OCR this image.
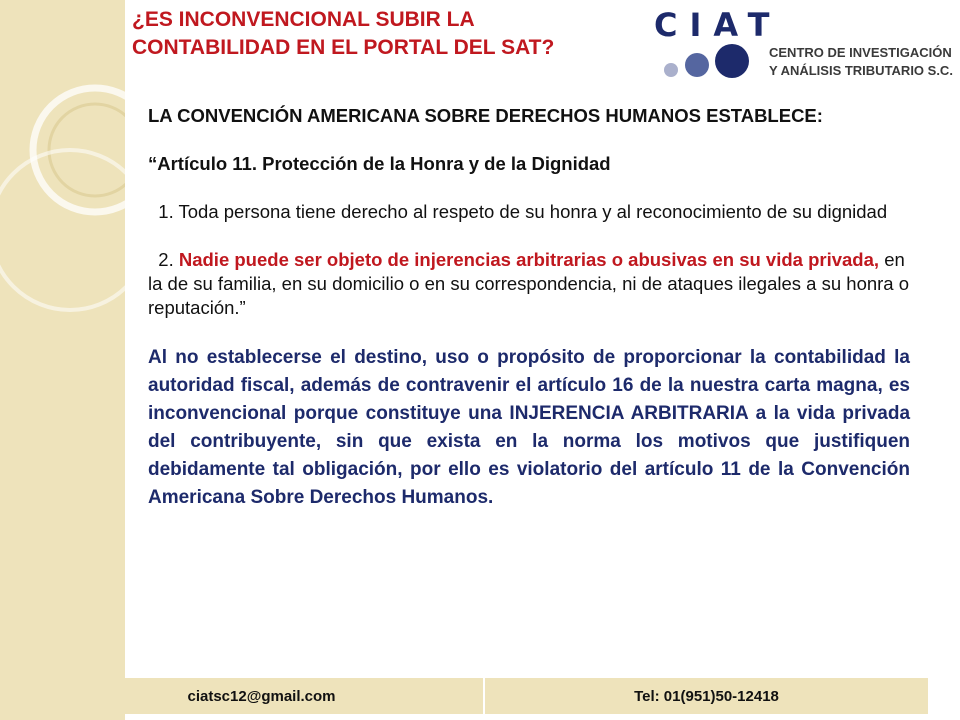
¿ES INCONVENCIONAL SUBIR LA CONTABILIDAD EN EL PORTAL DEL SAT?
CIAT
CENTRO DE INVESTIGACIÓN
Y ANÁLISIS TRIBUTARIO S.C.

LA CONVENCIÓN AMERICANA SOBRE DERECHOS HUMANOS ESTABLECE:

“Artículo 11. Protección de la Honra y de la Dignidad

1. Toda persona tiene derecho al respeto de su honra y al reconocimiento de su dignidad

2. Nadie puede ser objeto de injerencias arbitrarias o abusivas en su vida privada, en la de su familia, en su domicilio o en su correspondencia, ni de ataques ilegales a su honra o reputación.”

Al no establecerse el destino, uso o propósito de proporcionar la contabilidad la autoridad fiscal, además de contravenir el artículo 16 de la nuestra carta magna, es inconvencional porque constituye una INJERENCIA ARBITRARIA a la vida privada del contribuyente, sin que exista en la norma los motivos que justifiquen debidamente tal obligación, por ello es violatorio del artículo 11 de la Convención Americana Sobre Derechos Humanos.

ciatsc12@gmail.com	Tel: 01(951)50-12418
